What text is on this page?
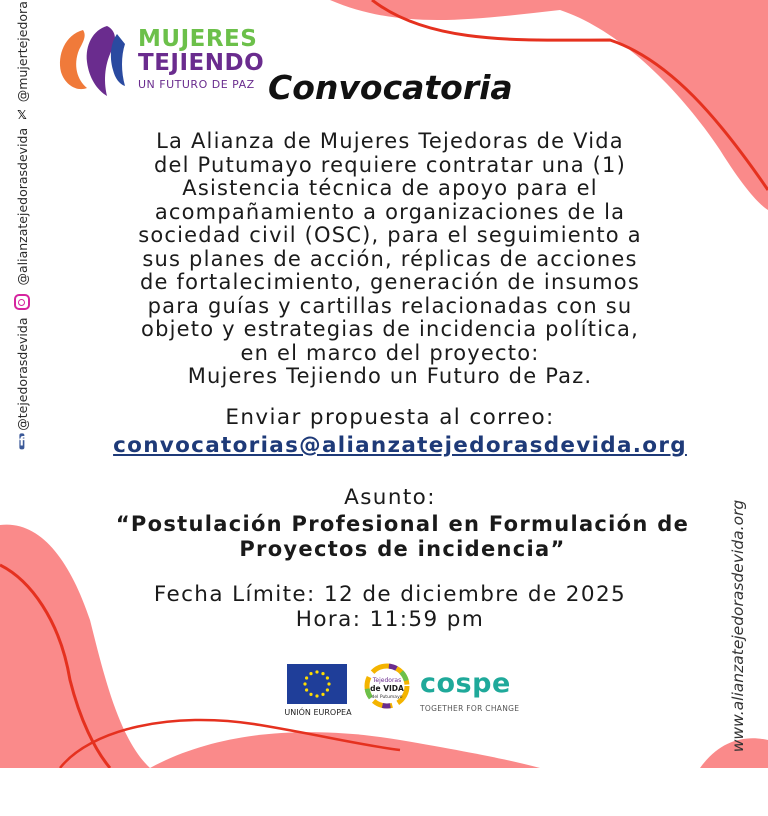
MUJERES
TEJIENDO
UN FUTURO DE PAZ Convocatoria
La Alianza de Mujeres Tejedoras de Vida
del Putumayo requiere contratar una (1)
Asistencia técnica de apoyo para el
acompañamiento a organizaciones de la
sociedad civil (OSC), para el seguimiento a
sus planes de acción, réplicas de acciones
de fortalecimiento, generación de insumos
para guías y cartillas relacionadas con su
objeto y estrategias de incidencia política,
en el marco del proyecto:
Mujeres Tejiendo un Futuro de Paz.
Enviar propuesta al correo:
convocatorias@alianzatejedorasdevida.org
Asunto:
“Postulación Profesional en Formulación de
Proyectos de incidencia”
Fecha Límite: 12 de diciembre de 2025
Hora: 11:59 pm
f
@tejedorasdevida
@alianzatejedorasdevida
𝕏
@mujertejedora
www.alianzatejedorasdevida.org
UNIÓN EUROPEA
Tejedoras
de VIDA
del Putumayo cospe
TOGETHER FOR CHANGE
